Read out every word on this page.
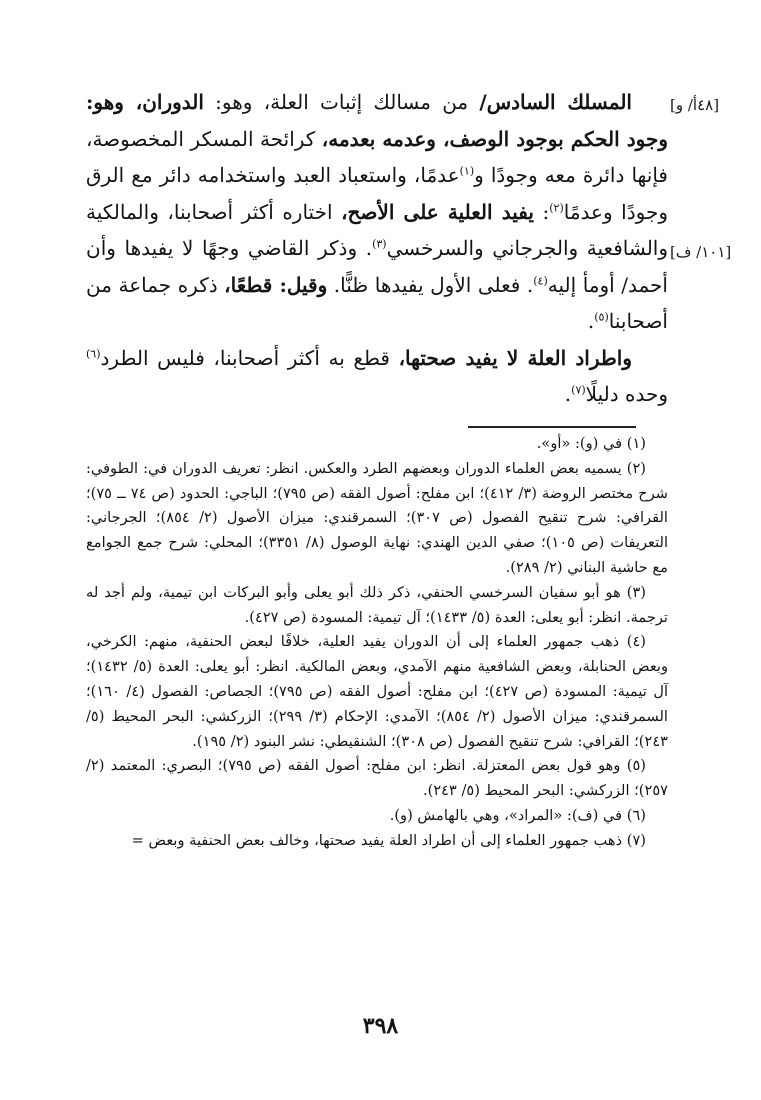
[٤٨أ/ و]
[١٠١/ ف]

المسلك السادس/ من مسالك إثبات العلة، وهو: الدوران، وهو: وجود الحكم بوجود الوصف، وعدمه بعدمه، كرائحة المسكر المخصوصة، فإنها دائرة معه وجودًا و$^{(١)}$عدمًا، واستعباد العبد واستخدامه دائر مع الرق وجودًا وعدمًا$^{(٢)}$: يفيد العلية على الأصح، اختاره أكثر أصحابنا، والمالكية والشافعية والجرجاني والسرخسي$^{(٣)}$. وذكر القاضي وجهًا لا يفيدها وأن أحمد/ أومأ إليه$^{(٤)}$. فعلى الأول يفيدها ظنًّا. وقيل: قطعًا، ذكره جماعة من أصحابنا$^{(٥)}$.

واطراد العلة لا يفيد صحتها، قطع به أكثر أصحابنا، فليس الطرد$^{(٦)}$ وحده دليلًا$^{(٧)}$.

(١) في (و): «أو».

(٢) يسميه بعض العلماء الدوران وبعضهم الطرد والعكس. انظر: تعريف الدوران في: الطوفي: شرح مختصر الروضة (٣/ ٤١٢)؛ ابن مفلح: أصول الفقه (ص ٧٩٥)؛ الباجي: الحدود (ص ٧٤ ــ ٧٥)؛ القرافي: شرح تنقيح الفصول (ص ٣٠٧)؛ السمرقندي: ميزان الأصول (٢/ ٨٥٤)؛ الجرجاني: التعريفات (ص ١٠٥)؛ صفي الدين الهندي: نهاية الوصول (٨/ ٣٣٥١)؛ المحلي: شرح جمع الجوامع مع حاشية البناني (٢/ ٢٨٩).

(٣) هو أبو سفيان السرخسي الحنفي، ذكر ذلك أبو يعلى وأبو البركات ابن تيمية، ولم أجد له ترجمة. انظر: أبو يعلى: العدة (٥/ ١٤٣٣)؛ آل تيمية: المسودة (ص ٤٢٧).

(٤) ذهب جمهور العلماء إلى أن الدوران يفيد العلية، خلافًا لبعض الحنفية، منهم: الكرخي، وبعض الحنابلة، وبعض الشافعية منهم الآمدي، وبعض المالكية. انظر: أبو يعلى: العدة (٥/ ١٤٣٢)؛ آل تيمية: المسودة (ص ٤٢٧)؛ ابن مفلح: أصول الفقه (ص ٧٩٥)؛ الجصاص: الفصول (٤/ ١٦٠)؛ السمرقندي: ميزان الأصول (٢/ ٨٥٤)؛ الآمدي: الإحكام (٣/ ٢٩٩)؛ الزركشي: البحر المحيط (٥/ ٢٤٣)؛ القرافي: شرح تنقيح الفصول (ص ٣٠٨)؛ الشنقيطي: نشر البنود (٢/ ١٩٥).

(٥) وهو قول بعض المعتزلة. انظر: ابن مفلح: أصول الفقه (ص ٧٩٥)؛ البصري: المعتمد (٢/ ٢٥٧)؛ الزركشي: البحر المحيط (٥/ ٢٤٣).

(٦) في (ف): «المراد»، وهي بالهامش (و).

(٧) ذهب جمهور العلماء إلى أن اطراد العلة يفيد صحتها، وخالف بعض الحنفية وبعض =

٣٩٨
